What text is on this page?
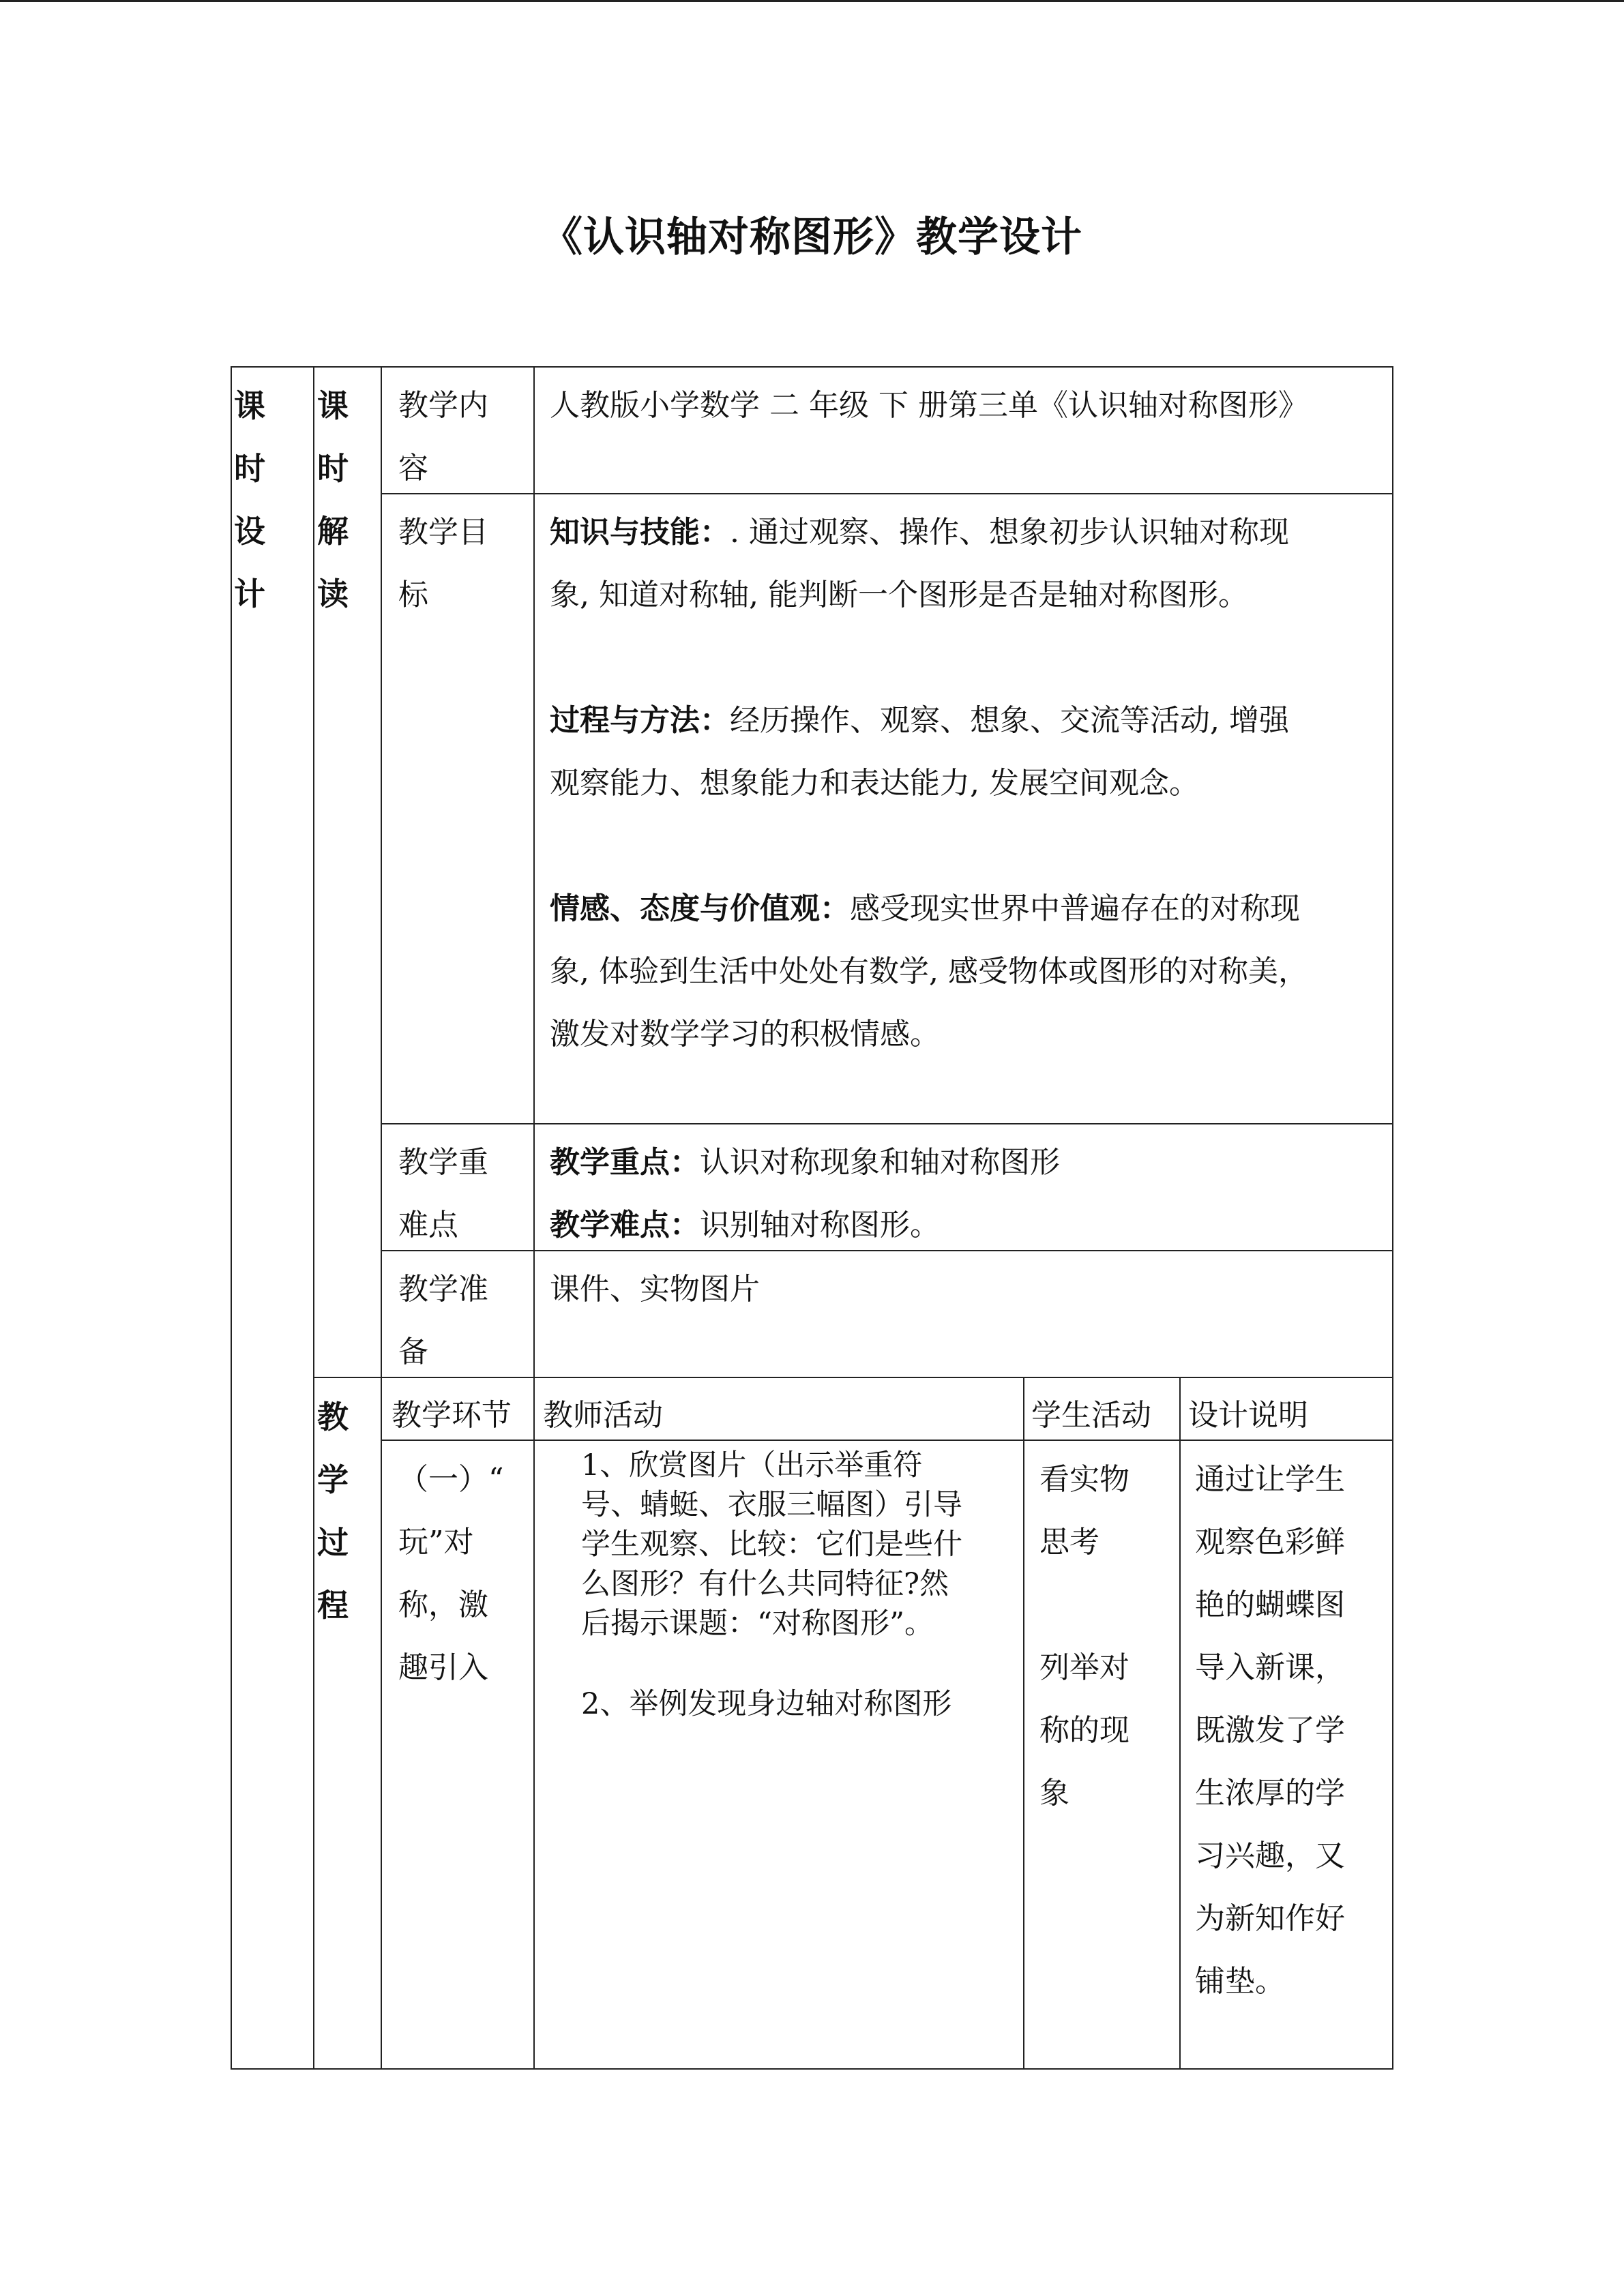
《认识轴对称图形》教学设计
课
时
设
计
课
时
解
读
教
学
过
程
教学内
容
人教版小学数学 二 年级 下 册第三单《认识轴对称图形》
教学目
标
知识与技能：. 通过观察、操作、想象初步认识轴对称现
象, 知道对称轴, 能判断一个图形是否是轴对称图形。
过程与方法：经历操作、观察、想象、交流等活动, 增强
观察能力、想象能力和表达能力, 发展空间观念。
情感、态度与价值观：感受现实世界中普遍存在的对称现
象, 体验到生活中处处有数学, 感受物体或图形的对称美，
激发对数学学习的积极情感。
教学重
难点
教学重点：认识对称现象和轴对称图形
教学难点：识别轴对称图形。
教学准
备
课件、实物图片
教学环节 教师活动	学生活动 设计说明
（一）“
玩”对
称，激
趣引入
1、欣赏图片（出示举重符
号、蜻蜓、衣服三幅图）引导
学生观察、比较：它们是些什
么图形？有什么共同特征?然
后揭示课题：“对称图形”。
2、举例发现身边轴对称图形
看实物
思考
列举对
称的现
象
通过让学生
观察色彩鲜
艳的蝴蝶图
导入新课，
既激发了学
生浓厚的学
习兴趣，又
为新知作好
铺垫。
